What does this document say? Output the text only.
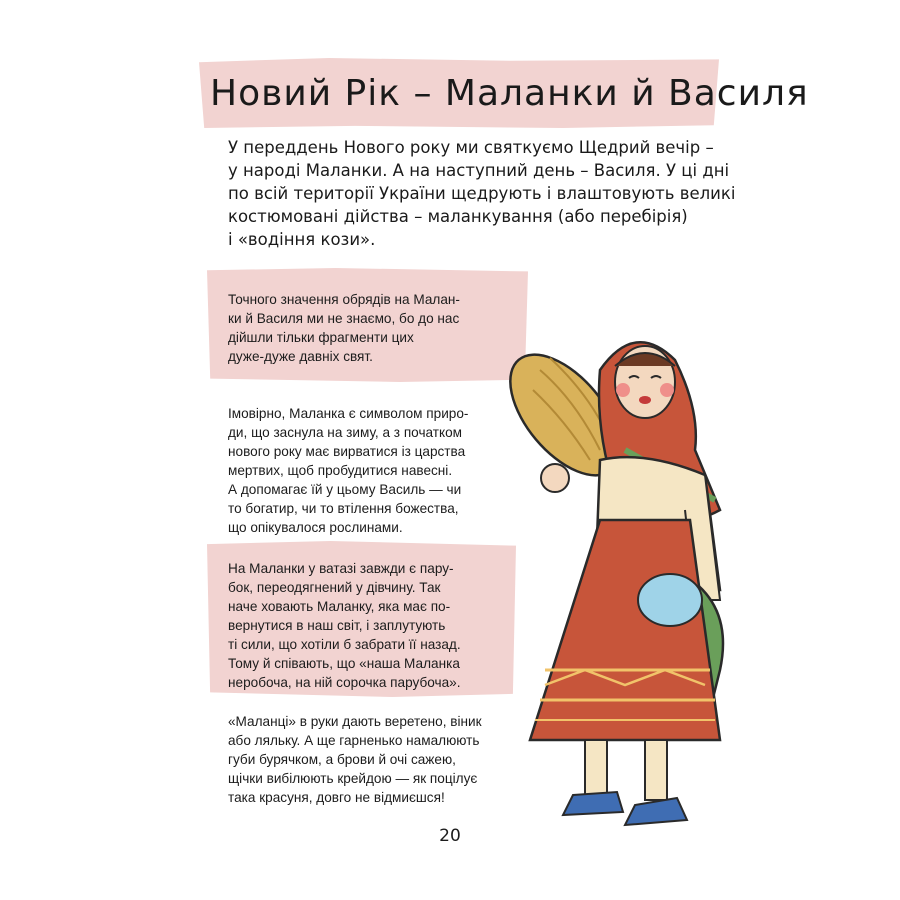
Новий Рік – Маланки й Василя
У переддень Нового року ми святкуємо Щедрий вечір –
у народі Маланки. А на наступний день – Василя. У ці дні
по всій території України щедрують і влаштовують великі
костюмовані дійства – маланкування (або перебірія)
і «водіння кози».
Точного значення обрядів на Малан-
ки й Василя ми не знаємо, бо до нас
дійшли тільки фрагменти цих
дуже-дуже давніх свят.
Імовірно, Маланка є символом приро-
ди, що заснула на зиму, а з початком
нового року має вирватися із царства
мертвих, щоб пробудитися навесні.
А допомагає їй у цьому Василь — чи
то богатир, чи то втілення божества,
що опікувалося рослинами.
На Маланки у ватазі завжди є пару-
бок, переодягнений у дівчину. Так
наче ховають Маланку, яка має по-
вернутися в наш світ, і заплутують
ті сили, що хотіли б забрати її назад.
Тому й співають, що «наша Маланка
неробоча, на ній сорочка парубоча».
«Маланці» в руки дають веретено, віник
або ляльку. А ще гарненько намалюють
губи бурячком, а брови й очі сажею,
щічки вибілюють крейдою — як поцілує
така красуня, довго не відмиєшся!
20
